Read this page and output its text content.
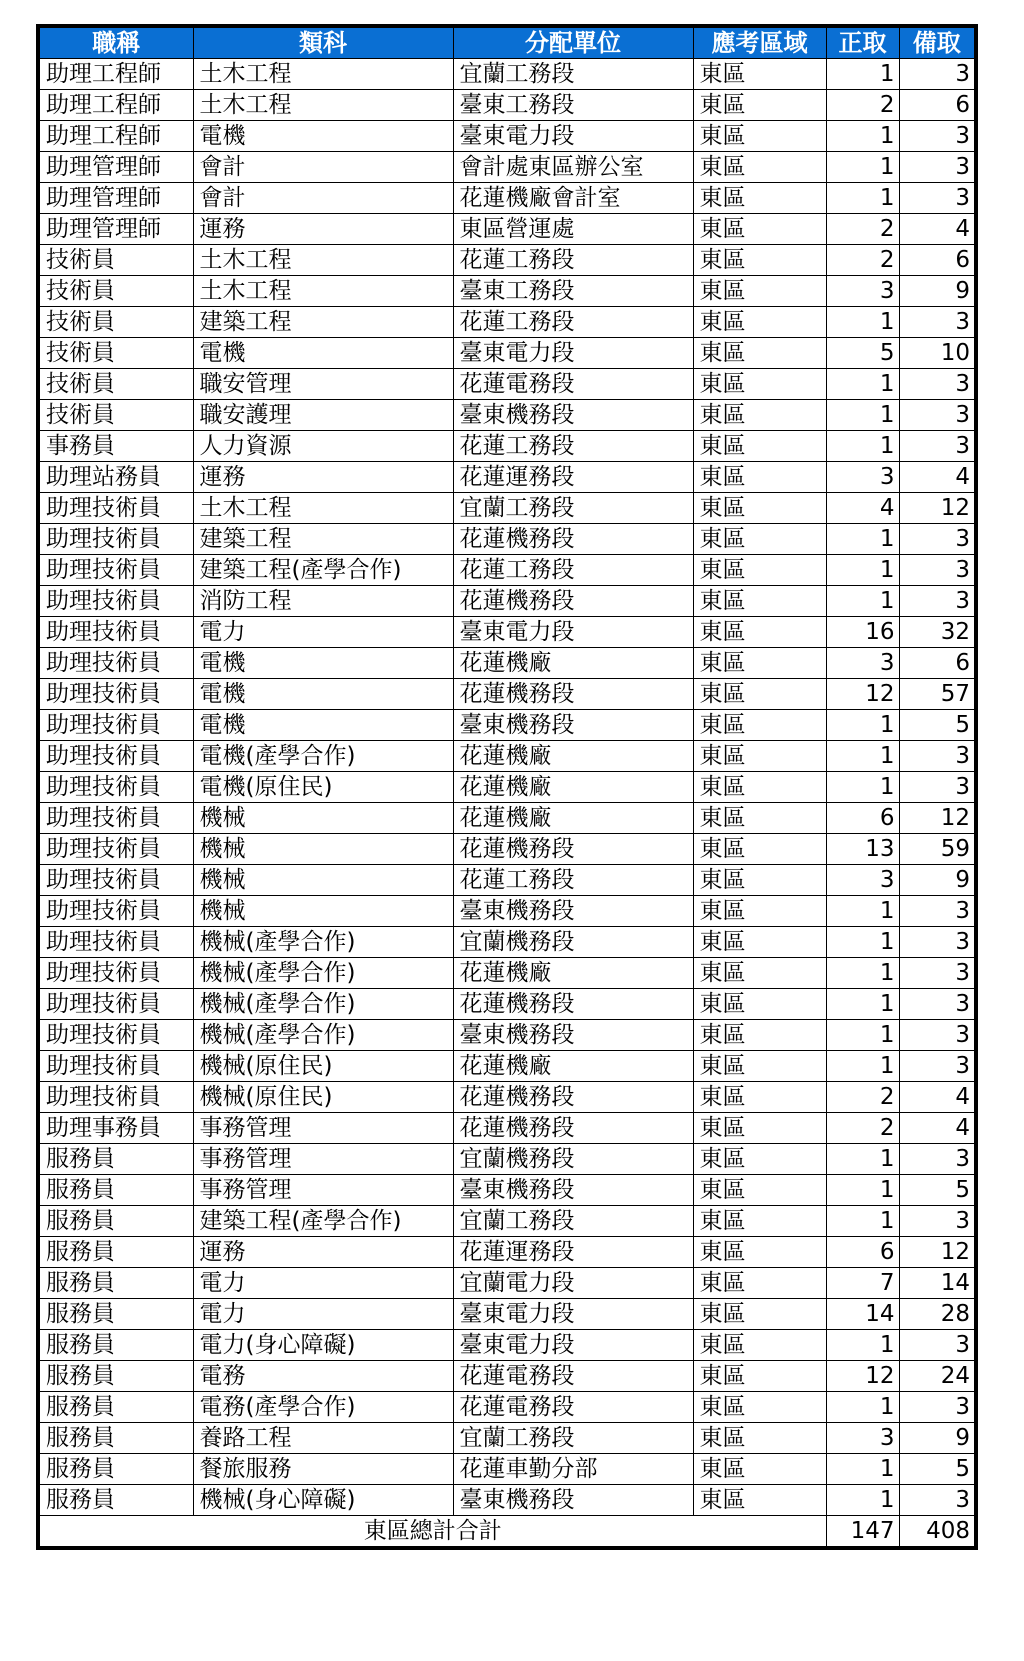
職稱	類科	分配單位	應考區域	正取	備取
助理工程師	土木工程	宜蘭工務段	東區	1	3
助理工程師	土木工程	臺東工務段	東區	2	6
助理工程師	電機	臺東電力段	東區	1	3
助理管理師	會計	會計處東區辦公室	東區	1	3
助理管理師	會計	花蓮機廠會計室	東區	1	3
助理管理師	運務	東區營運處	東區	2	4
技術員	土木工程	花蓮工務段	東區	2	6
技術員	土木工程	臺東工務段	東區	3	9
技術員	建築工程	花蓮工務段	東區	1	3
技術員	電機	臺東電力段	東區	5	10
技術員	職安管理	花蓮電務段	東區	1	3
技術員	職安護理	臺東機務段	東區	1	3
事務員	人力資源	花蓮工務段	東區	1	3
助理站務員	運務	花蓮運務段	東區	3	4
助理技術員	土木工程	宜蘭工務段	東區	4	12
助理技術員	建築工程	花蓮機務段	東區	1	3
助理技術員	建築工程(產學合作)	花蓮工務段	東區	1	3
助理技術員	消防工程	花蓮機務段	東區	1	3
助理技術員	電力	臺東電力段	東區	16	32
助理技術員	電機	花蓮機廠	東區	3	6
助理技術員	電機	花蓮機務段	東區	12	57
助理技術員	電機	臺東機務段	東區	1	5
助理技術員	電機(產學合作)	花蓮機廠	東區	1	3
助理技術員	電機(原住民)	花蓮機廠	東區	1	3
助理技術員	機械	花蓮機廠	東區	6	12
助理技術員	機械	花蓮機務段	東區	13	59
助理技術員	機械	花蓮工務段	東區	3	9
助理技術員	機械	臺東機務段	東區	1	3
助理技術員	機械(產學合作)	宜蘭機務段	東區	1	3
助理技術員	機械(產學合作)	花蓮機廠	東區	1	3
助理技術員	機械(產學合作)	花蓮機務段	東區	1	3
助理技術員	機械(產學合作)	臺東機務段	東區	1	3
助理技術員	機械(原住民)	花蓮機廠	東區	1	3
助理技術員	機械(原住民)	花蓮機務段	東區	2	4
助理事務員	事務管理	花蓮機務段	東區	2	4
服務員	事務管理	宜蘭機務段	東區	1	3
服務員	事務管理	臺東機務段	東區	1	5
服務員	建築工程(產學合作)	宜蘭工務段	東區	1	3
服務員	運務	花蓮運務段	東區	6	12
服務員	電力	宜蘭電力段	東區	7	14
服務員	電力	臺東電力段	東區	14	28
服務員	電力(身心障礙)	臺東電力段	東區	1	3
服務員	電務	花蓮電務段	東區	12	24
服務員	電務(產學合作)	花蓮電務段	東區	1	3
服務員	養路工程	宜蘭工務段	東區	3	9
服務員	餐旅服務	花蓮車勤分部	東區	1	5
服務員	機械(身心障礙)	臺東機務段	東區	1	3
東區總計合計				147	408
